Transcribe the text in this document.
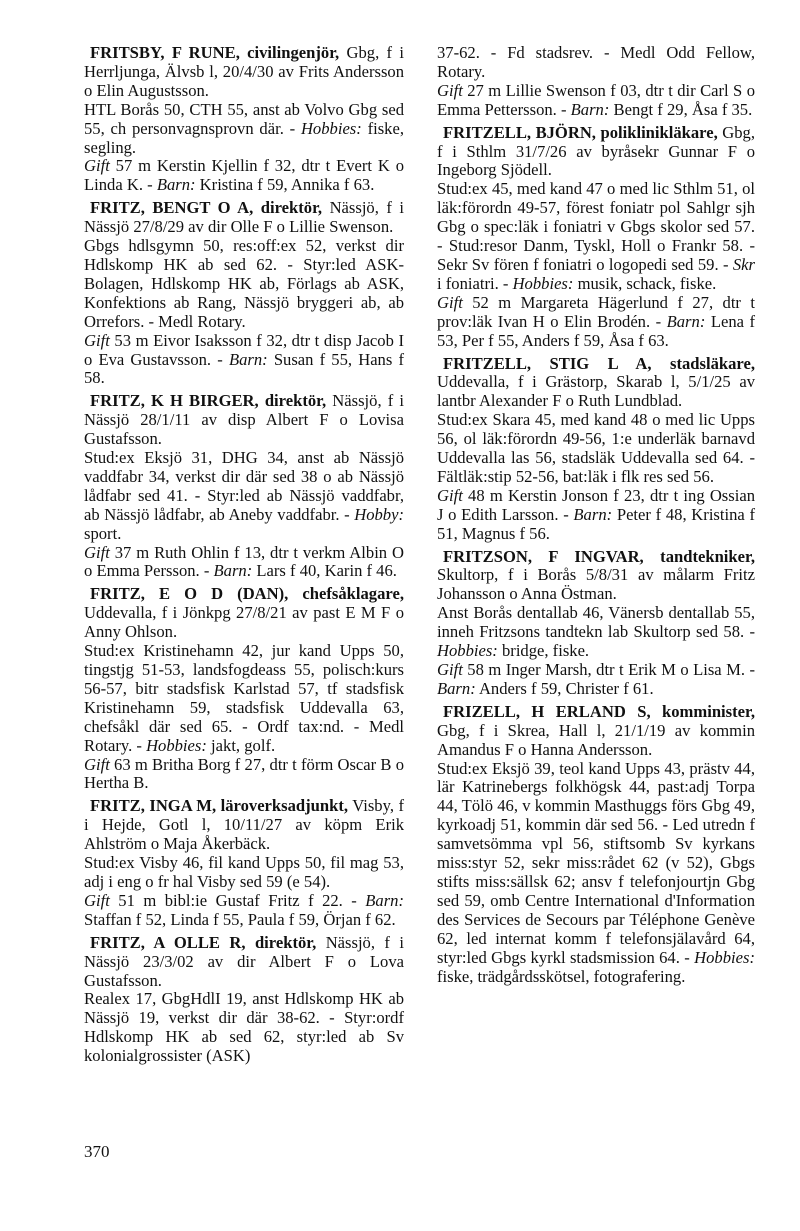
FRITSBY, F RUNE, civilingenjör, Gbg, f i Herrljunga, Älvsb l, 20/4/30 av Frits Andersson o Elin Augustsson.

HTL Borås 50, CTH 55, anst ab Volvo Gbg sed 55, ch personvagnsprovn där. - Hobbies: fiske, segling.

Gift 57 m Kerstin Kjellin f 32, dtr t Evert K o Linda K. - Barn: Kristina f 59, Annika f 63.

FRITZ, BENGT O A, direktör, Nässjö, f i Nässjö 27/8/29 av dir Olle F o Lillie Swenson.

Gbgs hdlsgymn 50, res:off:ex 52, verkst dir Hdlskomp HK ab sed 62. - Styr:led ASK-Bolagen, Hdlskomp HK ab, Förlags ab ASK, Konfektions ab Rang, Nässjö bryggeri ab, ab Orrefors. - Medl Rotary.

Gift 53 m Eivor Isaksson f 32, dtr t disp Jacob I o Eva Gustavsson. - Barn: Susan f 55, Hans f 58.

FRITZ, K H BIRGER, direktör, Nässjö, f i Nässjö 28/1/11 av disp Albert F o Lovisa Gustafsson.

Stud:ex Eksjö 31, DHG 34, anst ab Nässjö vaddfabr 34, verkst dir där sed 38 o ab Nässjö lådfabr sed 41. - Styr:led ab Nässjö vaddfabr, ab Nässjö lådfabr, ab Aneby vaddfabr. - Hobby: sport.

Gift 37 m Ruth Ohlin f 13, dtr t verkm Albin O o Emma Persson. - Barn: Lars f 40, Karin f 46.

FRITZ, E O D (DAN), chefsåklagare, Uddevalla, f i Jönkpg 27/8/21 av past E M F o Anny Ohlson.

Stud:ex Kristinehamn 42, jur kand Upps 50, tingstjg 51-53, landsfogdeass 55, polisch:kurs 56-57, bitr stadsfisk Karlstad 57, tf stadsfisk Kristinehamn 59, stadsfisk Uddevalla 63, chefsåkl där sed 65. - Ordf tax:nd. - Medl Rotary. - Hobbies: jakt, golf.

Gift 63 m Britha Borg f 27, dtr t förm Oscar B o Hertha B.

FRITZ, INGA M, läroverksadjunkt, Visby, f i Hejde, Gotl l, 10/11/27 av köpm Erik Ahlström o Maja Åkerbäck.

Stud:ex Visby 46, fil kand Upps 50, fil mag 53, adj i eng o fr hal Visby sed 59 (e 54).

Gift 51 m bibl:ie Gustaf Fritz f 22. - Barn: Staffan f 52, Linda f 55, Paula f 59, Örjan f 62.

FRITZ, A OLLE R, direktör, Nässjö, f i Nässjö 23/3/02 av dir Albert F o Lova Gustafsson.

Realex 17, GbgHdlI 19, anst Hdlskomp HK ab Nässjö 19, verkst dir där 38-62. - Styr:ordf Hdlskomp HK ab sed 62, styr:led ab Sv kolonialgrossister (ASK)

37-62. - Fd stadsrev. - Medl Odd Fellow, Rotary.

Gift 27 m Lillie Swenson f 03, dtr t dir Carl S o Emma Pettersson. - Barn: Bengt f 29, Åsa f 35.

FRITZELL, BJÖRN, poliklinikläkare, Gbg, f i Sthlm 31/7/26 av byråsekr Gunnar F o Ingeborg Sjödell.

Stud:ex 45, med kand 47 o med lic Sthlm 51, ol läk:förordn 49-57, förest foniatr pol Sahlgr sjh Gbg o spec:läk i foniatri v Gbgs skolor sed 57. - Stud:resor Danm, Tyskl, Holl o Frankr 58. - Sekr Sv fören f foniatri o logopedi sed 59. - Skr i foniatri. - Hobbies: musik, schack, fiske.

Gift 52 m Margareta Hägerlund f 27, dtr t prov:läk Ivan H o Elin Brodén. - Barn: Lena f 53, Per f 55, Anders f 59, Åsa f 63.

FRITZELL, STIG L A, stadsläkare, Uddevalla, f i Grästorp, Skarab l, 5/1/25 av lantbr Alexander F o Ruth Lundblad.

Stud:ex Skara 45, med kand 48 o med lic Upps 56, ol läk:förordn 49-56, 1:e underläk barnavd Uddevalla las 56, stadsläk Uddevalla sed 64. - Fältläk:stip 52-56, bat:läk i flk res sed 56.

Gift 48 m Kerstin Jonson f 23, dtr t ing Ossian J o Edith Larsson. - Barn: Peter f 48, Kristina f 51, Magnus f 56.

FRITZSON, F INGVAR, tandtekniker, Skultorp, f i Borås 5/8/31 av målarm Fritz Johansson o Anna Östman.

Anst Borås dentallab 46, Vänersb dentallab 55, inneh Fritzsons tandtekn lab Skultorp sed 58. - Hobbies: bridge, fiske.

Gift 58 m Inger Marsh, dtr t Erik M o Lisa M. - Barn: Anders f 59, Christer f 61.

FRIZELL, H ERLAND S, komminister, Gbg, f i Skrea, Hall l, 21/1/19 av kommin Amandus F o Hanna Andersson.

Stud:ex Eksjö 39, teol kand Upps 43, prästv 44, lär Katrinebergs folkhögsk 44, past:adj Torpa 44, Tölö 46, v kommin Masthuggs förs Gbg 49, kyrkoadj 51, kommin där sed 56. - Led utredn f samvetsömma vpl 56, stiftsomb Sv kyrkans miss:styr 52, sekr miss:rådet 62 (v 52), Gbgs stifts miss:sällsk 62; ansv f telefonjourtjn Gbg sed 59, omb Centre International d'Information des Services de Secours par Téléphone Genève 62, led internat komm f telefonsjälavård 64, styr:led Gbgs kyrkl stadsmission 64. - Hobbies: fiske, trädgårdsskötsel, fotografering.

370
